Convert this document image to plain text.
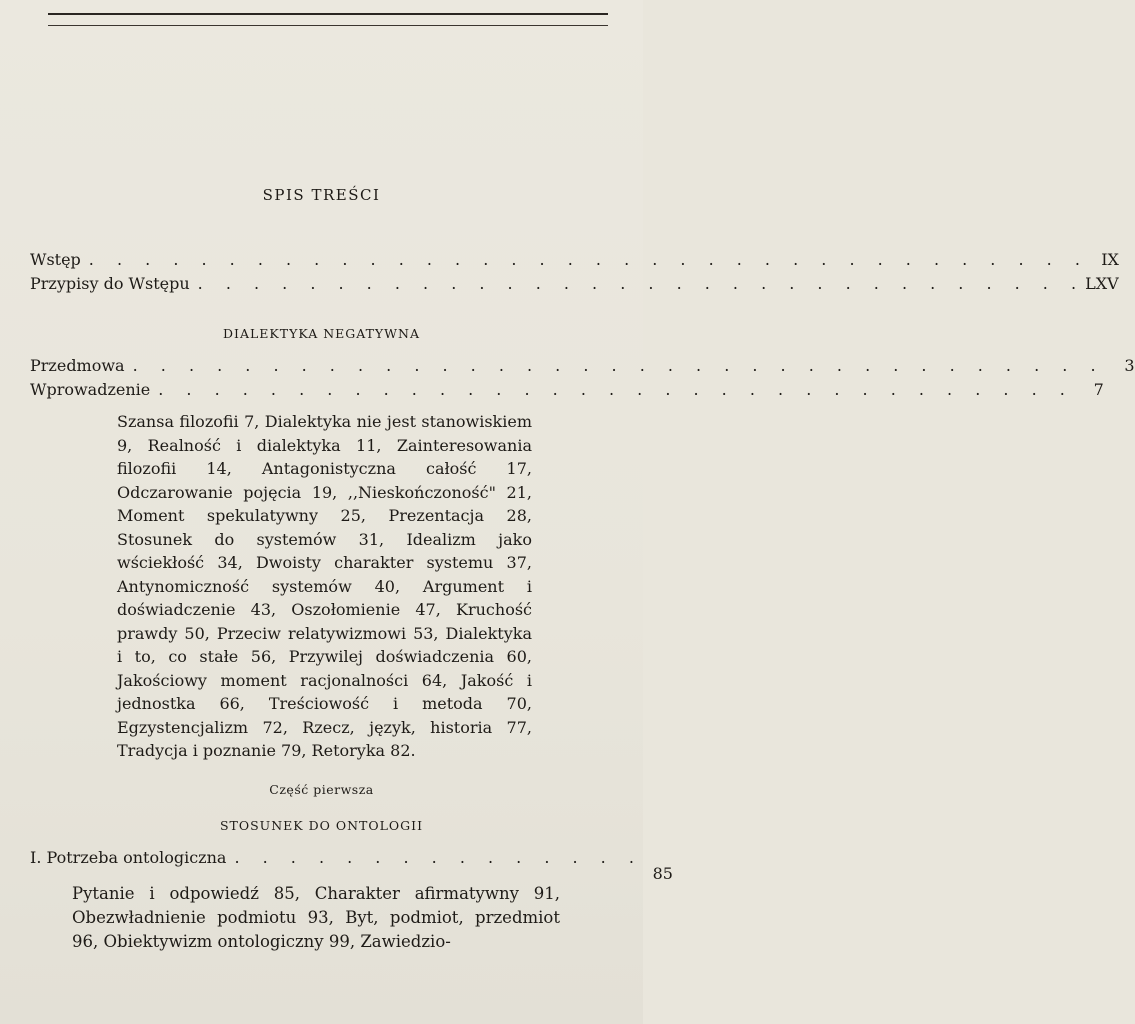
SPIS TREŚCI
Wstęp . . . . . . . . . . . . . . . . . . . . . . . . . . . . . . . . . . . . IX
Przypisy do Wstępu . . . . . . . . . . . . . . . . . . . . . . . . . . . . . . . . LXV
DIALEKTYKA NEGATYWNA
Przedmowa . . . . . . . . . . . . . . . . . . . . . . . . . . . . . . . . . . .	3
Wprowadzenie . . . . . . . . . . . . . . . . . . . . . . . . . . . . . . . . .	7
Szansa filozofii 7, Dialektyka nie jest stanowiskiem 9, Realność i dialektyka 11, Zainteresowania filozofii 14, Antagonistyczna całość 17, Odczarowanie pojęcia 19, ,,Nieskończoność" 21, Moment spekulatywny 25, Prezentacja 28, Stosunek do systemów 31, Idealizm jako wściekłość 34, Dwoisty charakter systemu 37, Antynomiczność systemów 40, Argument i doświadczenie 43, Oszołomienie 47, Kruchość prawdy 50, Przeciw relatywizmowi 53, Dialektyka i to, co stałe 56, Przywilej doświadczenia 60, Jakościowy moment racjonalności 64, Jakość i jednostka 66, Treściowość i metoda 70, Egzystencjalizm 72, Rzecz, język, historia 77, Tradycja i poznanie 79, Retoryka 82.
Część pierwsza
STOSUNEK DO ONTOLOGII
I. Potrzeba ontologiczna . . . . . . . . . . . . . . .
85
Pytanie i odpowiedź 85, Charakter afirmatywny 91, Obezwładnienie podmiotu 93, Byt, podmiot, przedmiot 96, Obiektywizm ontologiczny 99, Zawiedzio-
